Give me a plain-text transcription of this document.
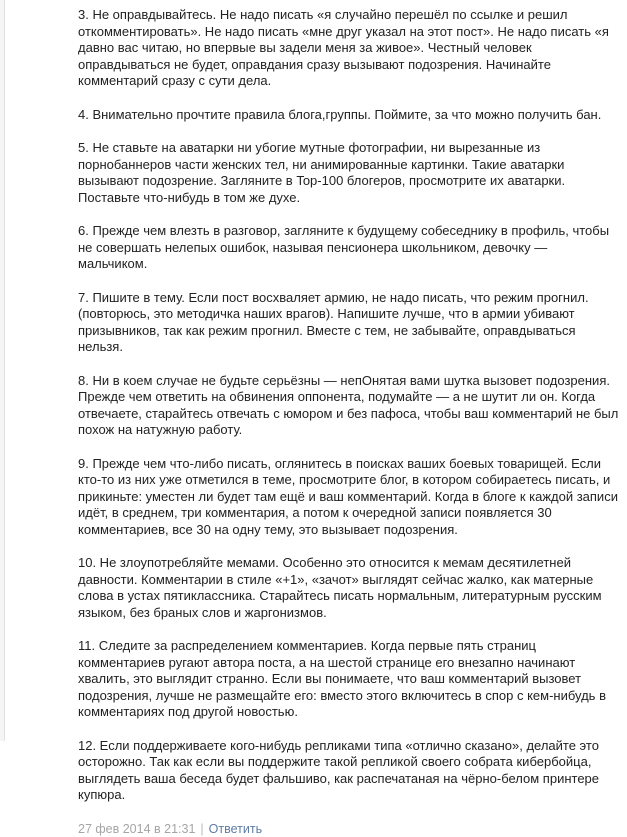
3. Не оправдывайтесь. Не надо писать «я случайно перешёл по ссылке и решил откомментировать». Не надо писать «мне друг указал на этот пост». Не надо писать «я давно вас читаю, но впервые вы задели меня за живое». Честный человек оправдываться не будет, оправдания сразу вызывают подозрения. Начинайте комментарий сразу с сути дела.

4. Внимательно прочтите правила блога,группы. Поймите, за что можно получить бан.

5. Не ставьте на аватарки ни убогие мутные фотографии, ни вырезанные из порнобаннеров части женских тел, ни анимированные картинки. Такие аватарки вызывают подозрение. Загляните в Top-100 блогеров, просмотрите их аватарки. Поставьте что-нибудь в том же духе.

6. Прежде чем влезть в разговор, загляните к будущему собеседнику в профиль, чтобы не совершать нелепых ошибок, называя пенсионера школьником, девочку — мальчиком.

7. Пишите в тему. Если пост восхваляет армию, не надо писать, что режим прогнил. (повторюсь, это методичка наших врагов). Напишите лучше, что в армии убивают призывников, так как режим прогнил. Вместе с тем, не забывайте, оправдываться нельзя.

8. Ни в коем случае не будьте серьёзны — непОнятая вами шутка вызовет подозрения. Прежде чем ответить на обвинения оппонента, подумайте — а не шутит ли он. Когда отвечаете, старайтесь отвечать с юмором и без пафоса, чтобы ваш комментарий не был похож на натужную работу.

9. Прежде чем что-либо писать, оглянитесь в поисках ваших боевых товарищей. Если кто-то из них уже отметился в теме, просмотрите блог, в котором собираетесь писать, и прикиньте: уместен ли будет там ещё и ваш комментарий. Когда в блоге к каждой записи идёт, в среднем, три комментария, а потом к очередной записи появляется 30 комментариев, все 30 на одну тему, это вызывает подозрения.

10. Не злоупотребляйте мемами. Особенно это относится к мемам десятилетней давности. Комментарии в стиле «+1», «зачот» выглядят сейчас жалко, как матерные слова в устах пятиклассника. Старайтесь писать нормальным, литературным русским языком, без браных слов и жаргонизмов.

11. Следите за распределением комментариев. Когда первые пять страниц комментариев ругают автора поста, а на шестой странице его внезапно начинают хвалить, это выглядит странно. Если вы понимаете, что ваш комментарий вызовет подозрения, лучше не размещайте его: вместо этого включитесь в спор с кем-нибудь в комментариях под другой новостью.

12. Если поддерживаете кого-нибудь репликами типа «отлично сказано», делайте это осторожно. Так как если вы поддержите такой репликой своего собрата кибербойца, выглядеть ваша беседа будет фальшиво, как распечатаная на чёрно-белом принтере купюра.

27 фев 2014 в 21:31 | Ответить
